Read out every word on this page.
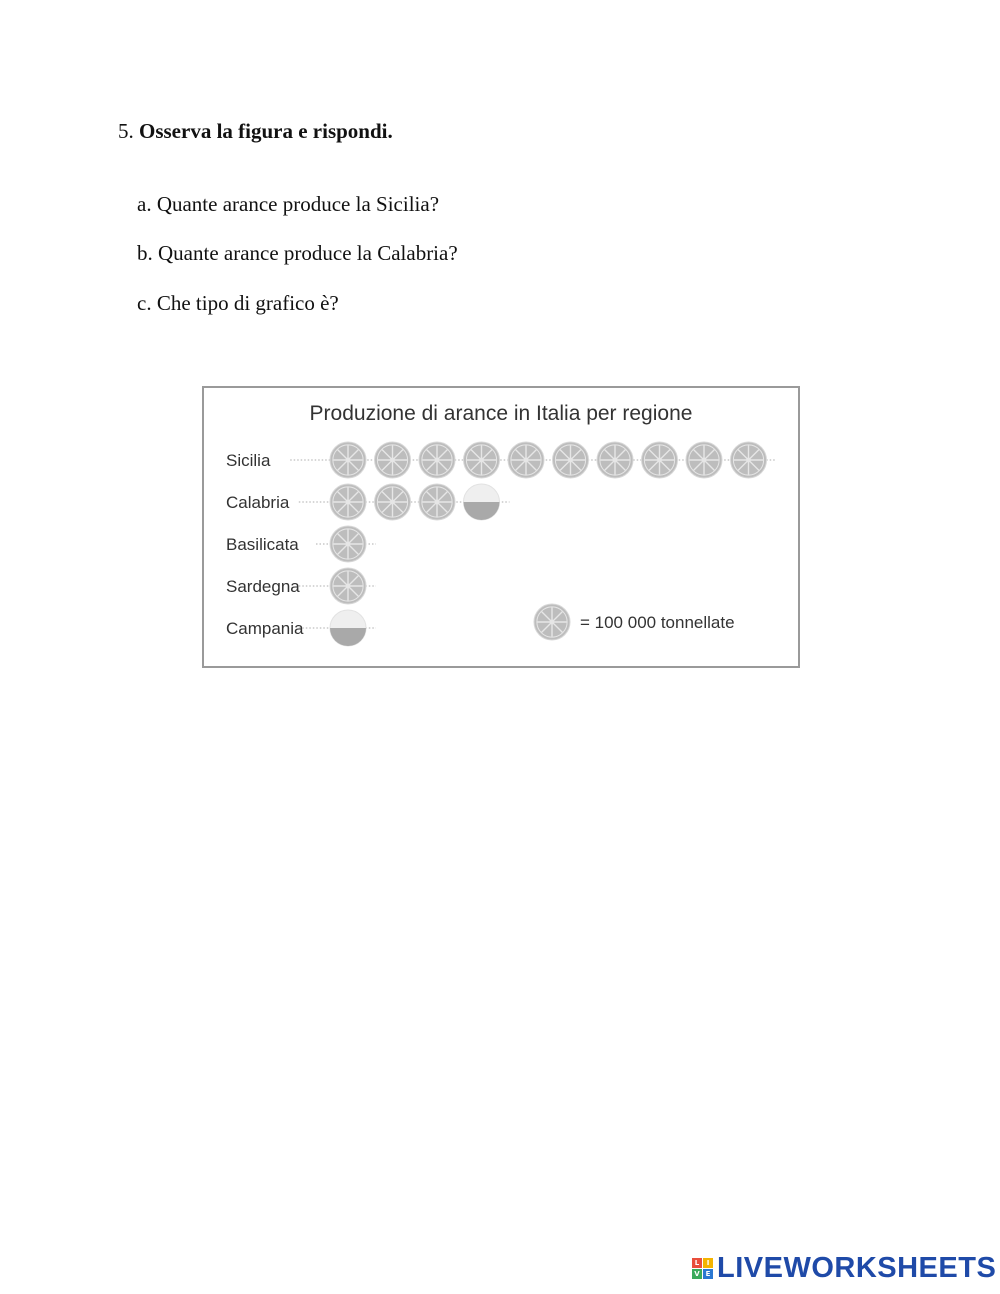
5. Osserva la figura e rispondi.
a. Quante arance produce la Sicilia?
b. Quante arance produce la Calabria?
c. Che tipo di grafico è?
Produzione di arance in Italia per regione
Sicilia
Calabria
Basilicata
Sardegna
Campania	= 100 000 tonnellate
L	I
V E LIVEWORKSHEETS
